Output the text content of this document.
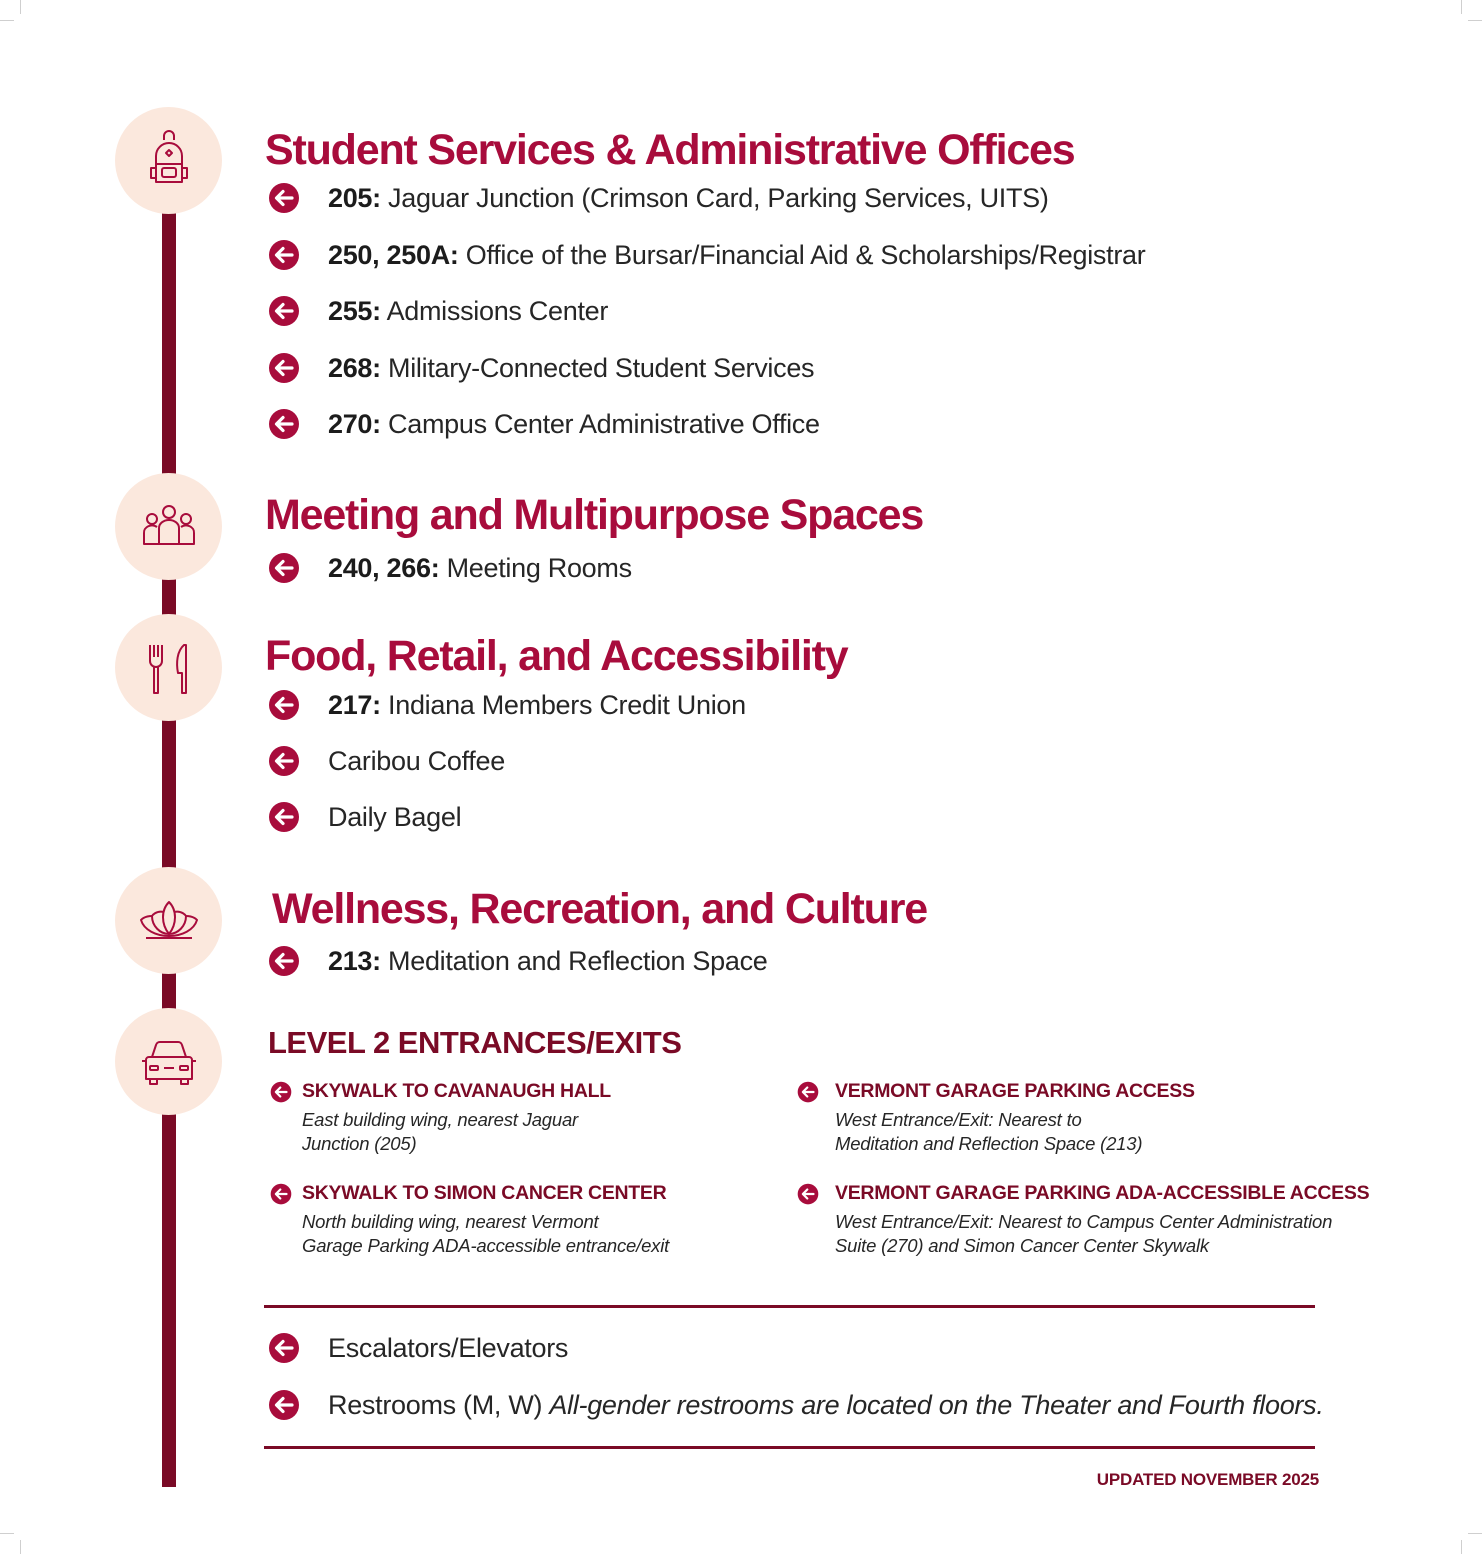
Student Services & Administrative Offices
205: Jaguar Junction (Crimson Card, Parking Services, UITS)
250, 250A: Office of the Bursar/Financial Aid & Scholarships/Registrar
255: Admissions Center
268: Military-Connected Student Services
270: Campus Center Administrative Office
Meeting and Multipurpose Spaces
240, 266: Meeting Rooms
Food, Retail, and Accessibility
217: Indiana Members Credit Union
Caribou Coffee
Daily Bagel
Wellness, Recreation, and Culture
213: Meditation and Reflection Space
LEVEL 2 ENTRANCES/EXITS
SKYWALK TO CAVANAUGH HALL
East building wing, nearest Jaguar
Junction (205)
VERMONT GARAGE PARKING ACCESS
West Entrance/Exit: Nearest to
Meditation and Reflection Space (213)
SKYWALK TO SIMON CANCER CENTER
North building wing, nearest Vermont
Garage Parking ADA-accessible entrance/exit
VERMONT GARAGE PARKING ADA-ACCESSIBLE ACCESS
West Entrance/Exit: Nearest to Campus Center Administration
Suite (270) and Simon Cancer Center Skywalk
Escalators/Elevators
Restrooms (M, W) All-gender restrooms are located on the Theater and Fourth floors.
UPDATED NOVEMBER 2025
